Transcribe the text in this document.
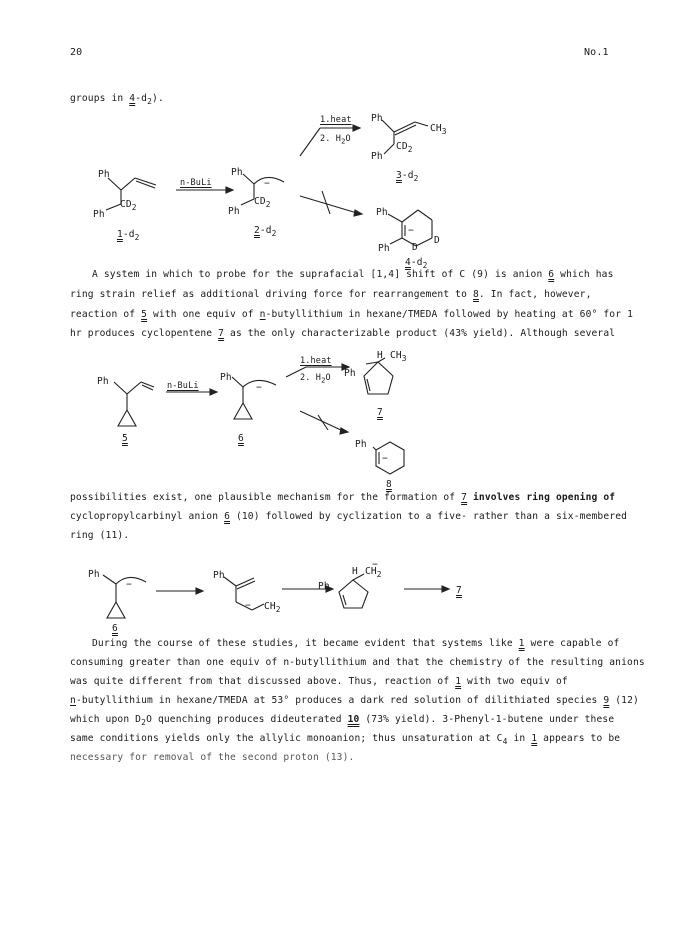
20	No.1
groups in $4-d_2$).
Ph
$CD_2$
Ph
$1-d_2$
n-BuLi
Ph
−
$CD_2$
Ph
$2-d_2$
1.heat
2. $H_2O$
Ph
$CH_3$
$CD_2$
Ph
$3-d_2$
Ph
−
D
D
Ph
$4-d_2$
A system in which to probe for the suprafacial [1,4] shift of C (9) is anion 6 which has
ring strain relief as additional driving force for rearrangement to 8. In fact, however,
reaction of 5 with one equiv of n-butyllithium in hexane/TMEDA followed by heating at 60° for 1
hr produces cyclopentene 7 as the only characterizable product (43% yield). Although several
Ph
5
n-BuLi
Ph
−
6
1.heat
2. $H_2O$
H $CH_3$
Ph
7
Ph
−
8
possibilities exist, one plausible mechanism for the formation of 7 involves ring opening of
cyclopropylcarbinyl anion 6 (10) followed by cyclization to a five- rather than a six-membered
ring (11).
Ph
−
6
Ph
− $CH_2$
H $CH_2$
−
Ph	7
During the course of these studies, it became evident that systems like 1 were capable of
consuming greater than one equiv of n-butyllithium and that the chemistry of the resulting anions
was quite different from that discussed above. Thus, reaction of 1 with two equiv of
n-butyllithium in hexane/TMEDA at 53° produces a dark red solution of dilithiated species 9 (12)
which upon $D_2O$ quenching produces dideuterated 10 (73% yield). 3-Phenyl-1-butene under these
same conditions yields only the allylic monoanion; thus unsaturation at $C_4$ in 1 appears to be
necessary for removal of the second proton (13).
